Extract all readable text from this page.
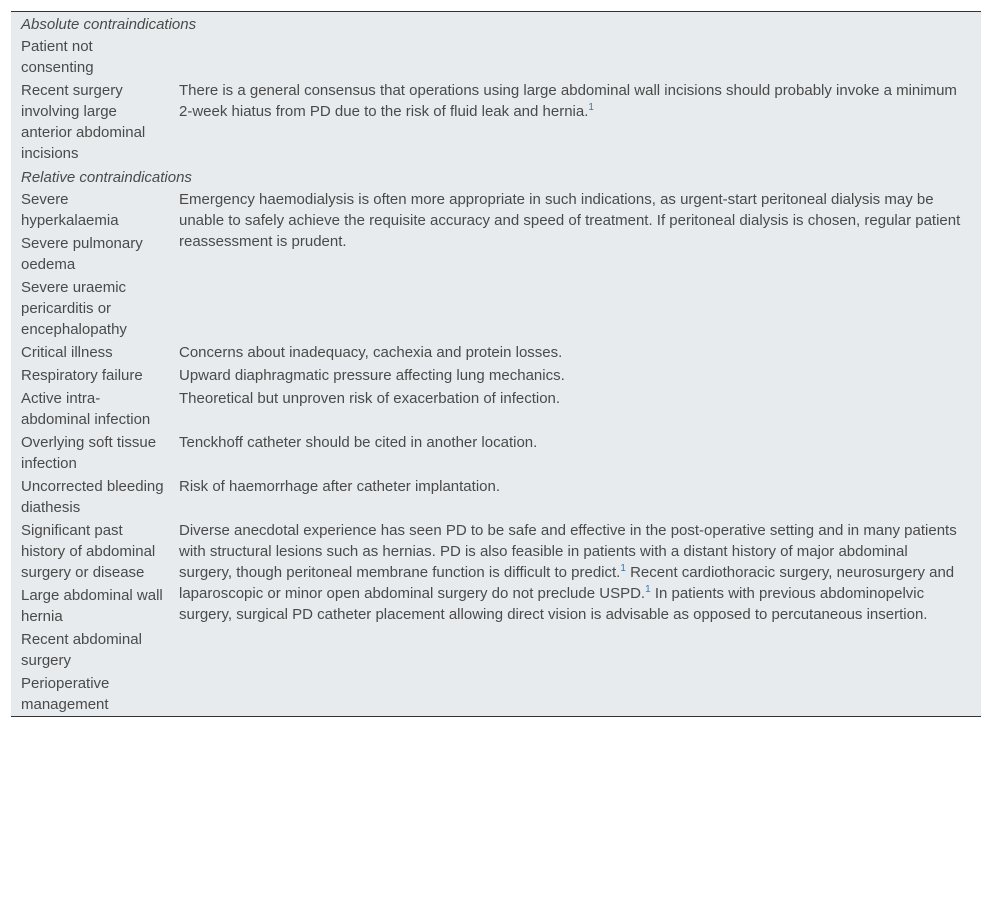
Absolute contraindications	
Patient not consenting	
Recent surgery involving large anterior abdominal incisions	There is a general consensus that operations using large abdominal wall incisions should probably invoke a minimum 2-week hiatus from PD due to the risk of fluid leak and hernia.$^1$
Relative contraindications	
Severe hyperkalaemia	Emergency haemodialysis is often more appropriate in such indications, as urgent-start peritoneal dialysis may be unable to safely achieve the requisite accuracy and speed of treatment. If peritoneal dialysis is chosen, regular patient reassessment is prudent.
Severe pulmonary oedema	
Severe uraemic pericarditis or encephalopathy	
Critical illness	Concerns about inadequacy, cachexia and protein losses.
Respiratory failure	Upward diaphragmatic pressure affecting lung mechanics.
Active intra-abdominal infection	Theoretical but unproven risk of exacerbation of infection.
Overlying soft tissue infection	Tenckhoff catheter should be cited in another location.
Uncorrected bleeding diathesis	Risk of haemorrhage after catheter implantation.
Significant past history of abdominal surgery or disease	Diverse anecdotal experience has seen PD to be safe and effective in the post-operative setting and in many patients with structural lesions such as hernias. PD is also feasible in patients with a distant history of major abdominal surgery, though peritoneal membrane function is difficult to predict.$^1$ Recent cardiothoracic surgery, neurosurgery and laparoscopic or minor open abdominal surgery do not preclude USPD.$^1$ In patients with previous abdominopelvic surgery, surgical PD catheter placement allowing direct vision is advisable as opposed to percutaneous insertion.
Large abdominal wall hernia	
Recent abdominal surgery	
Perioperative management	
